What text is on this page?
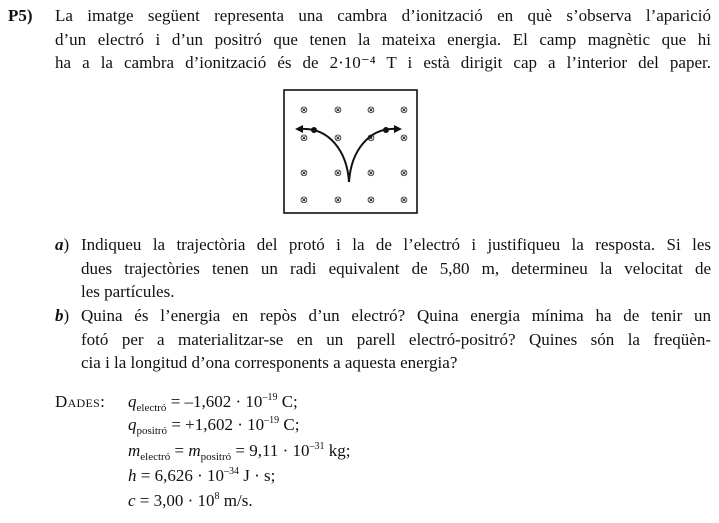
P5) La imatge següent representa una cambra d’ionització en què s’observa l’aparició
d’un electró i d’un positró que tenen la mateixa energia. El camp magnètic que hi
ha a la cambra d’ionització és de 2·10⁻⁴ T i està dirigit cap a l’interior del paper.
⊗	⊗ ⊗ ⊗
⊗	⊗ ⊗ ⊗
⊗	⊗ ⊗ ⊗
⊗	⊗ ⊗ ⊗
a) Indiqueu la trajectòria del protó i la de l’electró i justifiqueu la resposta. Si les
dues trajectòries tenen un radi equivalent de 5,80 m, determineu la velocitat de
les partícules.
b) Quina és l’energia en repòs d’un electró? Quina energia mínima ha de tenir un
fotó per a materialitzar-se en un parell electró-positró? Quines són la freqüèn-
cia i la longitud d’ona corresponents a aquesta energia?
Dades: $q_{electró} = -1,602 \cdot 10^{-19}$ C;
$q_{positró} = +1,602 \cdot 10^{-19}$ C;
$m_{electró} = m_{positró} = 9,11 \cdot 10^{-31}$ kg;
$h = 6,626 \cdot 10^{-34}$ J · s;
$c = 3,00 \cdot 10^8$ m/s.
